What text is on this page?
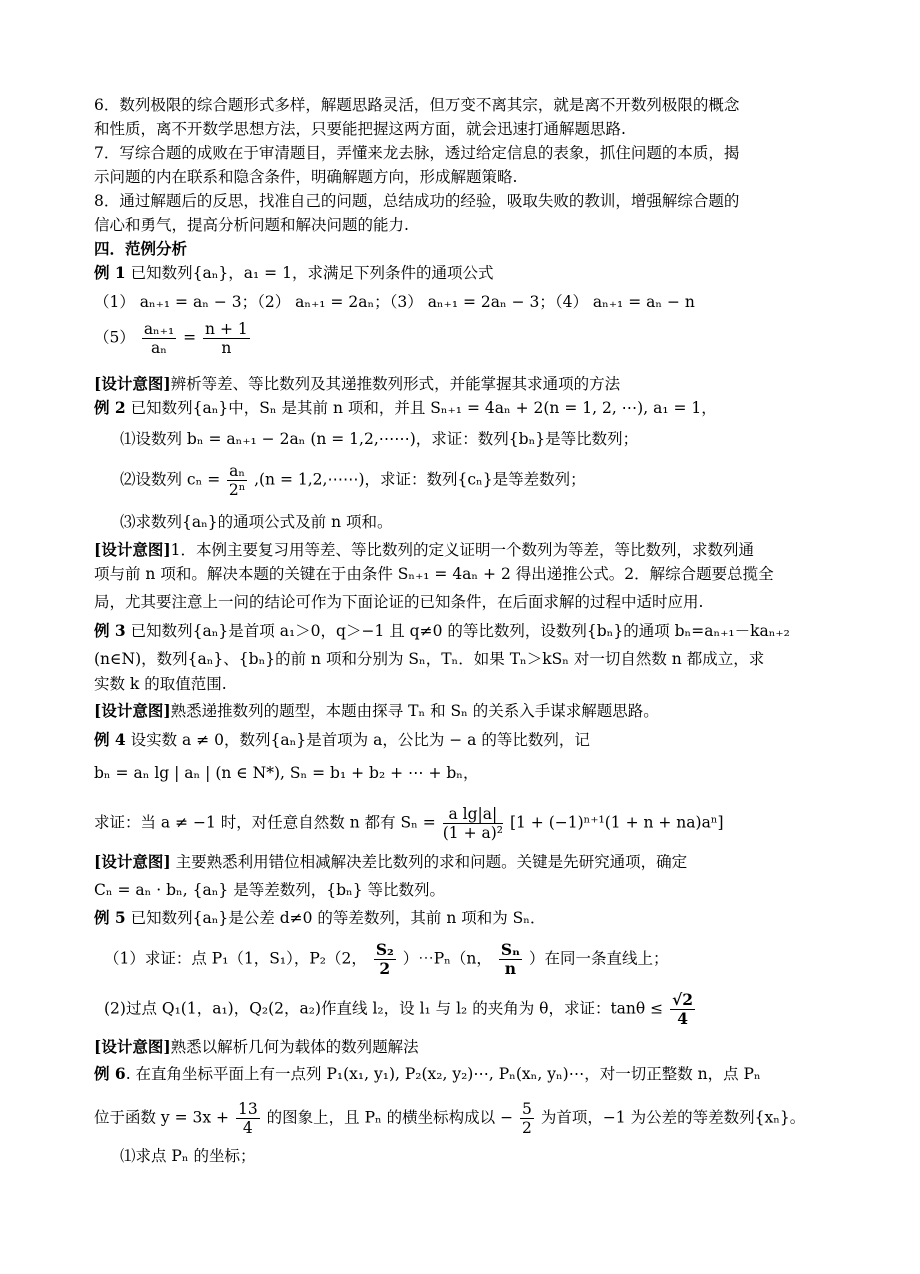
6．数列极限的综合题形式多样，解题思路灵活，但万变不离其宗，就是离不开数列极限的概念
和性质，离不开数学思想方法，只要能把握这两方面，就会迅速打通解题思路.
7．写综合题的成败在于审清题目，弄懂来龙去脉，透过给定信息的表象，抓住问题的本质，揭
示问题的内在联系和隐含条件，明确解题方向，形成解题策略.
8．通过解题后的反思，找准自己的问题，总结成功的经验，吸取失败的教训，增强解综合题的
信心和勇气，提高分析问题和解决问题的能力.
四．范例分析
例 1 已知数列{aₙ}，a₁ = 1，求满足下列条件的通项公式
（1） aₙ₊₁ = aₙ − 3；（2） aₙ₊₁ = 2aₙ；（3） aₙ₊₁ = 2aₙ − 3；（4） aₙ₊₁ = aₙ − n
$(5) \frac{\text{aₙ₊₁}}{\text{aₙ}} = \frac{n + 1}{n}$
[设计意图]辨析等差、等比数列及其递推数列形式，并能掌握其求通项的方法
例 2 已知数列{aₙ}中，Sₙ 是其前 n 项和，并且 Sₙ₊₁ = 4aₙ + 2(n = 1, 2, ⋯), a₁ = 1，
⑴设数列 bₙ = aₙ₊₁ − 2aₙ (n = 1,2,⋯⋯)，求证：数列{bₙ}是等比数列；
⑵设数列 $c_n = \frac{\text{aₙ}}{\text{2ⁿ}} ,(n$ = 1,2,⋯⋯)，求证：数列{cₙ}是等差数列；
⑶求数列{aₙ}的通项公式及前 n 项和。
[设计意图]1．本例主要复习用等差、等比数列的定义证明一个数列为等差，等比数列，求数列通
项与前 n 项和。解决本题的关键在于由条件 Sₙ₊₁ = 4aₙ + 2 得出递推公式。2．解综合题要总揽全
局，尤其要注意上一问的结论可作为下面论证的已知条件，在后面求解的过程中适时应用.
例 3 已知数列{aₙ}是首项 a₁＞0，q＞−1 且 q≠0 的等比数列，设数列{bₙ}的通项 bₙ=aₙ₊₁－kaₙ₊₂
(n∈N)，数列{aₙ}、{bₙ}的前 n 项和分别为 Sₙ，Tₙ．如果 Tₙ＞kSₙ 对一切自然数 n 都成立，求
实数 k 的取值范围.
[设计意图]熟悉递推数列的题型，本题由探寻 Tₙ 和 Sₙ 的关系入手谋求解题思路。
例 4 设实数 a ≠ 0，数列{aₙ}是首项为 a，公比为 − a 的等比数列，记
bₙ = aₙ lg | aₙ | (n ∈ N*), Sₙ = b₁ + b₂ + ⋯ + bₙ，
求证：当 a ≠ −1 时，对任意自然数 n 都有 $S_n = \frac{\text{a lg|a|}}{\text{(1 + a)²}} [1 + (-1)^{n+1}(1 + n + na)a^n]$
[设计意图] 主要熟悉利用错位相减解决差比数列的求和问题。关键是先研究通项，确定
Cₙ = aₙ · bₙ, {aₙ} 是等差数列，{bₙ} 等比数列。
例 5 已知数列{aₙ}是公差 d≠0 的等差数列，其前 n 项和为 Sₙ．
（1）求证：点 P₁（1，S₁），P₂（2， $\frac{\text{S₂}}{2}$ ）⋯Pₙ（n， $\frac{\text{Sₙ}}{n}$ ）在同一条直线上；
(2)过点 Q₁(1，a₁)，Q₂(2，a₂)作直线 l₂，设 l₁ 与 l₂ 的夹角为 θ，求证：$\tan\theta \le \frac{√2}{4}$
[设计意图]熟悉以解析几何为载体的数列题解法
例 6. 在直角坐标平面上有一点列 P₁(x₁, y₁), P₂(x₂, y₂)⋯, Pₙ(xₙ, yₙ)⋯，对一切正整数 n，点 Pₙ
位于函数 $y = 3x + \frac{13}{4}$ 的图象上，且 Pₙ 的横坐标构成以 − $\frac{5}{2}$ 为首项，−1 为公差的等差数列{xₙ}。
⑴求点 Pₙ 的坐标；
